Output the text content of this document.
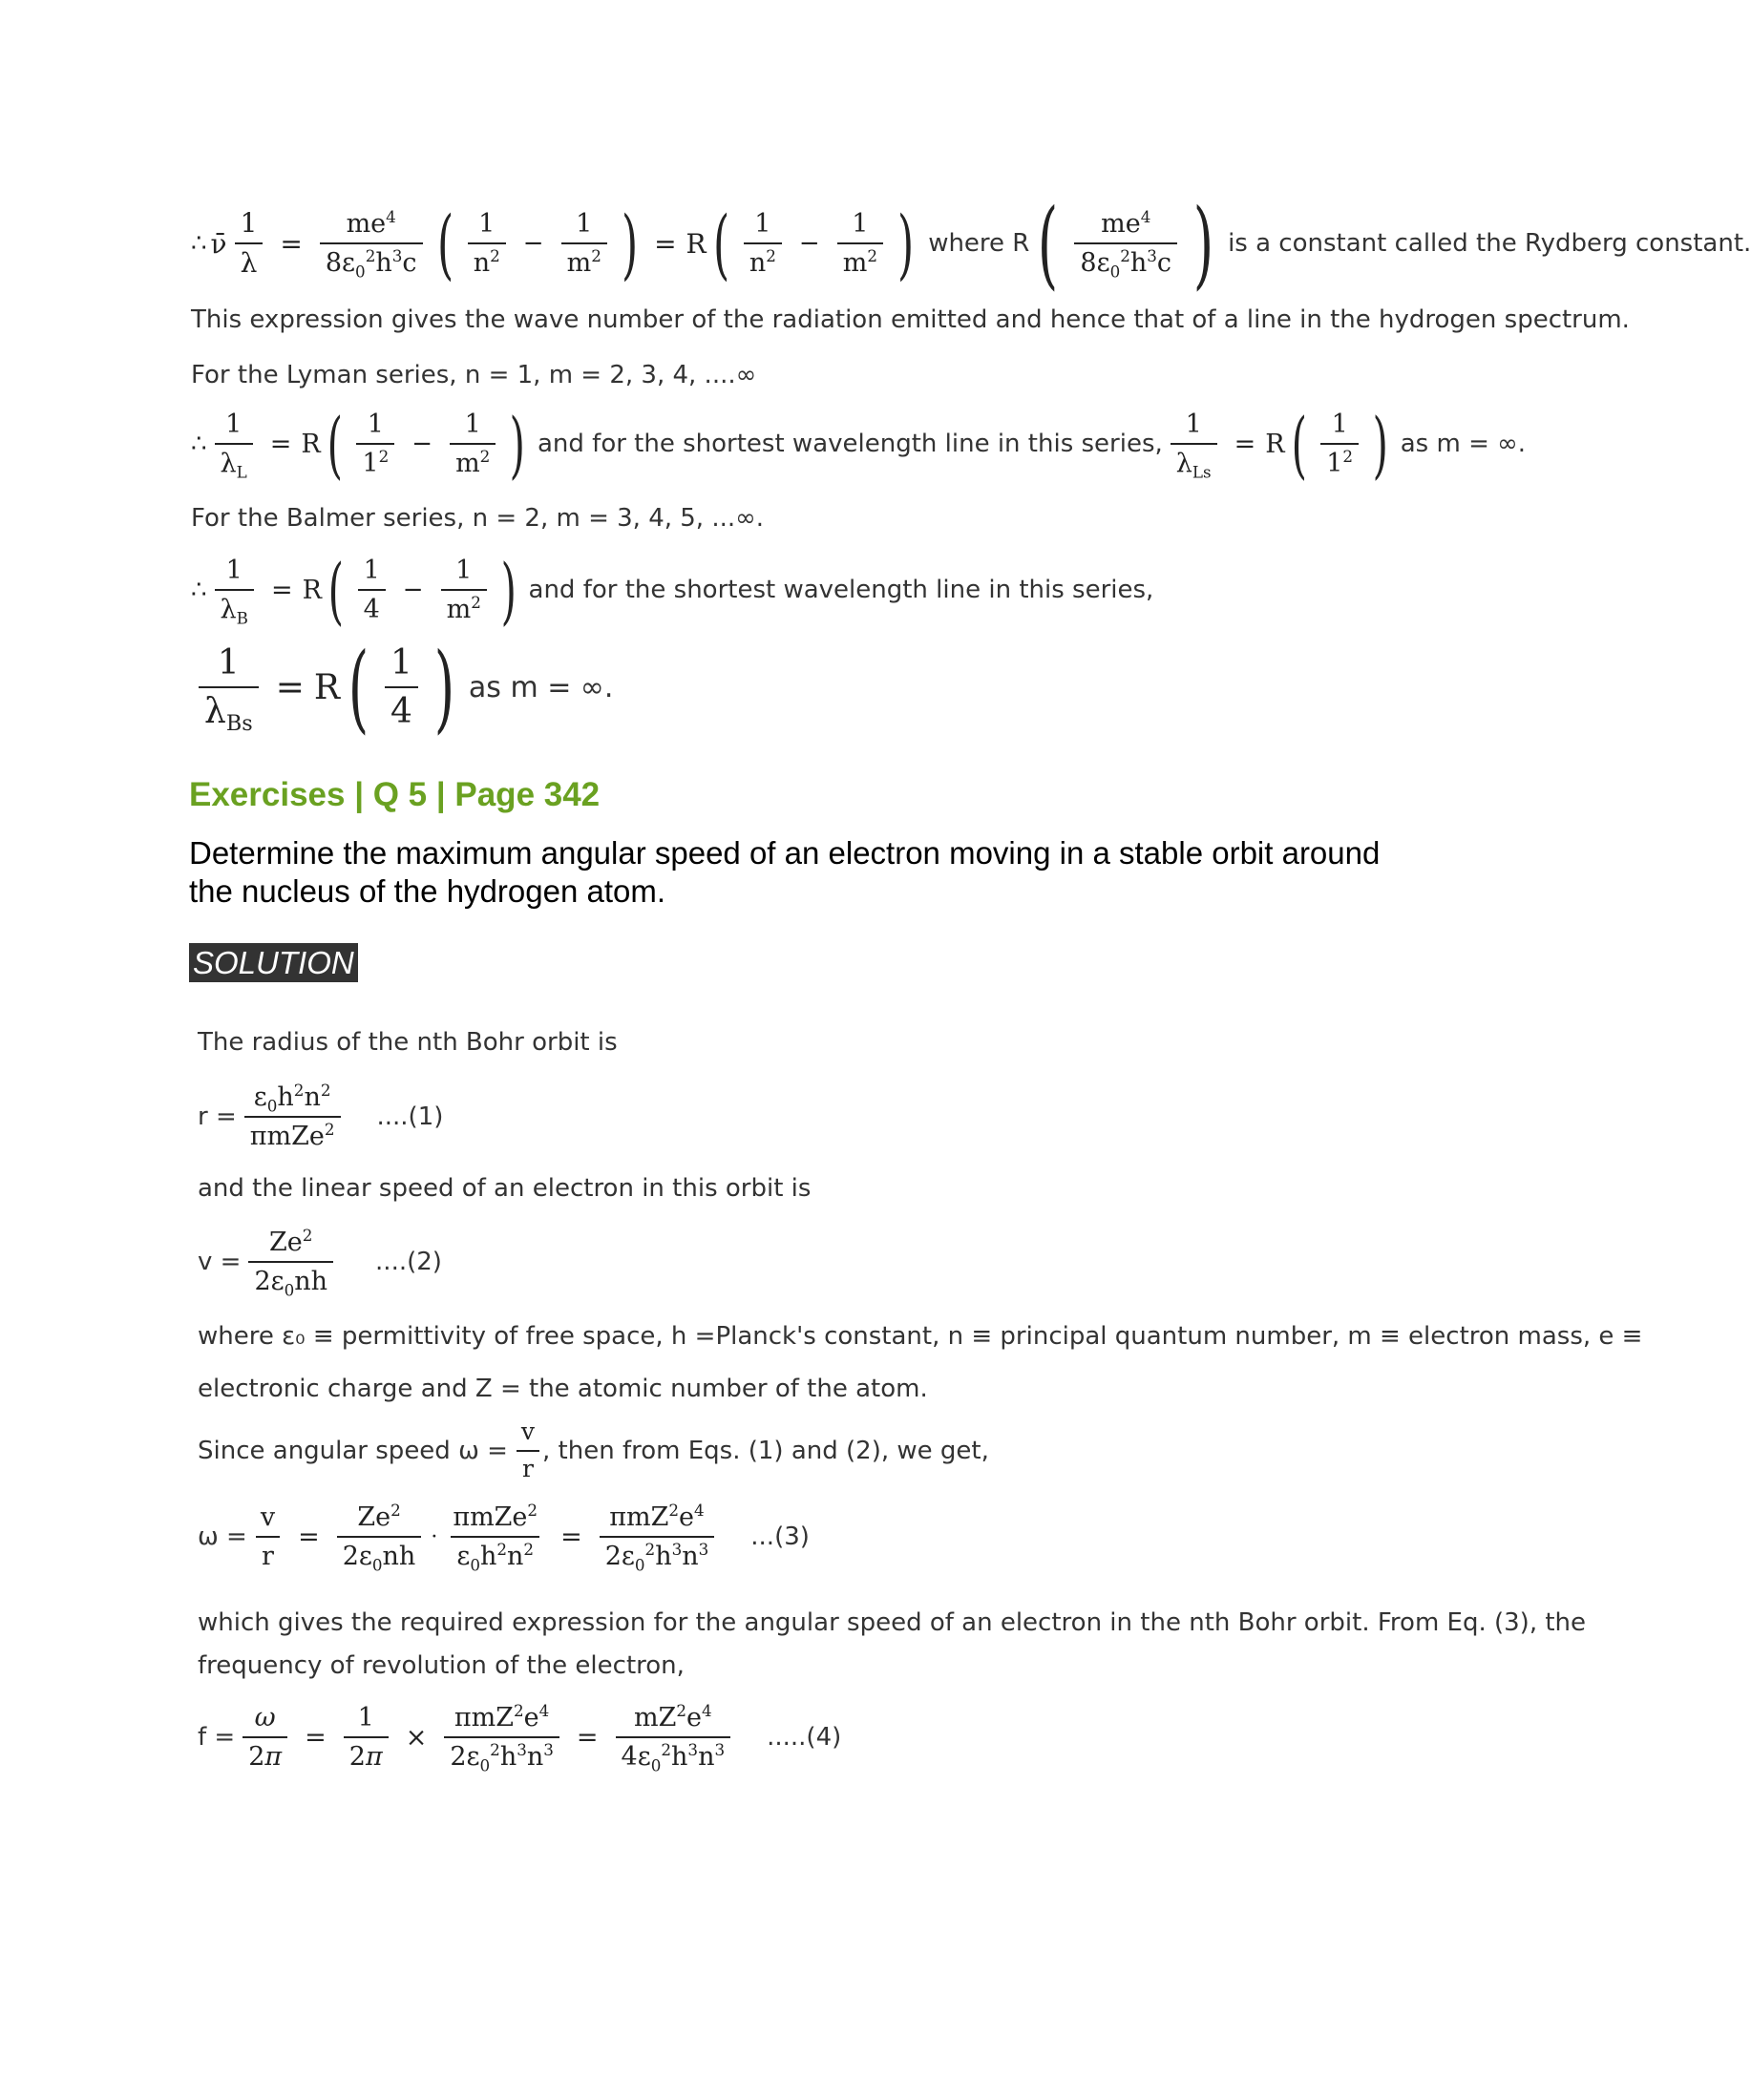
∴ ν̄ $\frac{1}{\lambda} = \frac{me^4}{8\varepsilon_0^2h^3c}$ ( $\frac{1}{n^2} - \frac{1}{m^2}$ ) = R ( $\frac{1}{n^2} - \frac{1}{m^2}$ ) where R ( $\frac{me^4}{8\varepsilon_0^2h^3c}$ ) is a constant called the Rydberg constant.
This expression gives the wave number of the radiation emitted and hence that of a line in the hydrogen spectrum.
For the Lyman series, n = 1, m = 2, 3, 4, ....∞
∴ $\frac{1}{\lambda_L} = R$ ( $\frac{1}{1^2} - \frac{1}{m^2}$ ) and for the shortest wavelength line in this series, $\frac{1}{\lambda_{Ls}} = R$ ( $\frac{1}{1^2}$ ) as m = ∞.
For the Balmer series, n = 2, m = 3, 4, 5, ...∞.
∴ $\frac{1}{\lambda_B} = R$ ( $\frac{1}{4} - \frac{1}{m^2}$ ) and for the shortest wavelength line in this series,
$\frac{1}{\lambda_{Bs}} = R$ ( $\frac{1}{4}$ ) as m = ∞.
Exercises | Q 5 | Page 342
Determine the maximum angular speed of an electron moving in a stable orbit around
the nucleus of the hydrogen atom.
SOLUTION
The radius of the nth Bohr orbit is
$r = \frac{\varepsilon_0h^2n^2}{\pi mZe^2} ....(1)$
and the linear speed of an electron in this orbit is
$v = \frac{Ze^2}{2\varepsilon_0nh} ....(2)$
where ε₀ ≡ permittivity of free space, h =Planck's constant, n ≡ principal quantum number, m ≡ electron mass, e ≡
electronic charge and Z = the atomic number of the atom.
Since angular speed $\omega = \frac{v}{r}$ , then from Eqs. (1) and (2), we get,
$\omega = \frac{v}{r} = \frac{Ze^2}{2\varepsilon_0nh} \cdot \frac{\pi mZe^2}{\varepsilon_0h^2n^2} = \frac{\pi mZ^2e^4}{2\varepsilon_0^2h^3n^3} ...(3)$
which gives the required expression for the angular speed of an electron in the nth Bohr orbit. From Eq. (3), the
frequency of revolution of the electron,
$f = \frac{\omega}{2\pi} = \frac{1}{2\pi} \times \frac{\pi mZ^2e^4}{2\varepsilon_0^2h^3n^3} = \frac{mZ^2e^4}{4\varepsilon_0^2h^3n^3} .....(4)$
